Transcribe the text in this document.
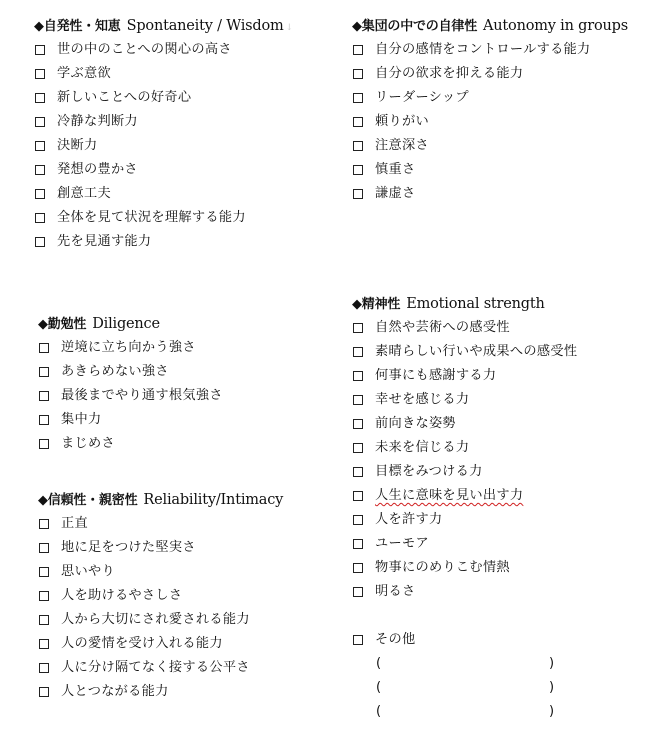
◆自発性・知恵 Spontaneity / Wisdom ↓
世の中のことへの関心の高さ
学ぶ意欲
新しいことへの好奇心
冷静な判断力
決断力
発想の豊かさ
創意工夫
全体を見て状況を理解する能力
先を見通す能力
◆集団の中での自律性 Autonomy in groups
自分の感情をコントロールする能力
自分の欲求を抑える能力
リーダーシップ
頼りがい
注意深さ
慎重さ
謙虚さ
◆勤勉性 Diligence
逆境に立ち向かう強さ
あきらめない強さ
最後までやり通す根気強さ
集中力
まじめさ
◆精神性 Emotional strength
自然や芸術への感受性
素晴らしい行いや成果への感受性
何事にも感謝する力
幸せを感じる力
前向きな姿勢
未来を信じる力
目標をみつける力
人生に意味を見い出す力
人を許す力
ユーモア
物事にのめりこむ情熱
明るさ
◆信頼性・親密性 Reliability/Intimacy
正直
地に足をつけた堅実さ
思いやり
人を助けるやさしさ
人から大切にされ愛される能力
人の愛情を受け入れる能力
人に分け隔てなく接する公平さ
人とつながる能力
その他
(	)
(	)
(	)
